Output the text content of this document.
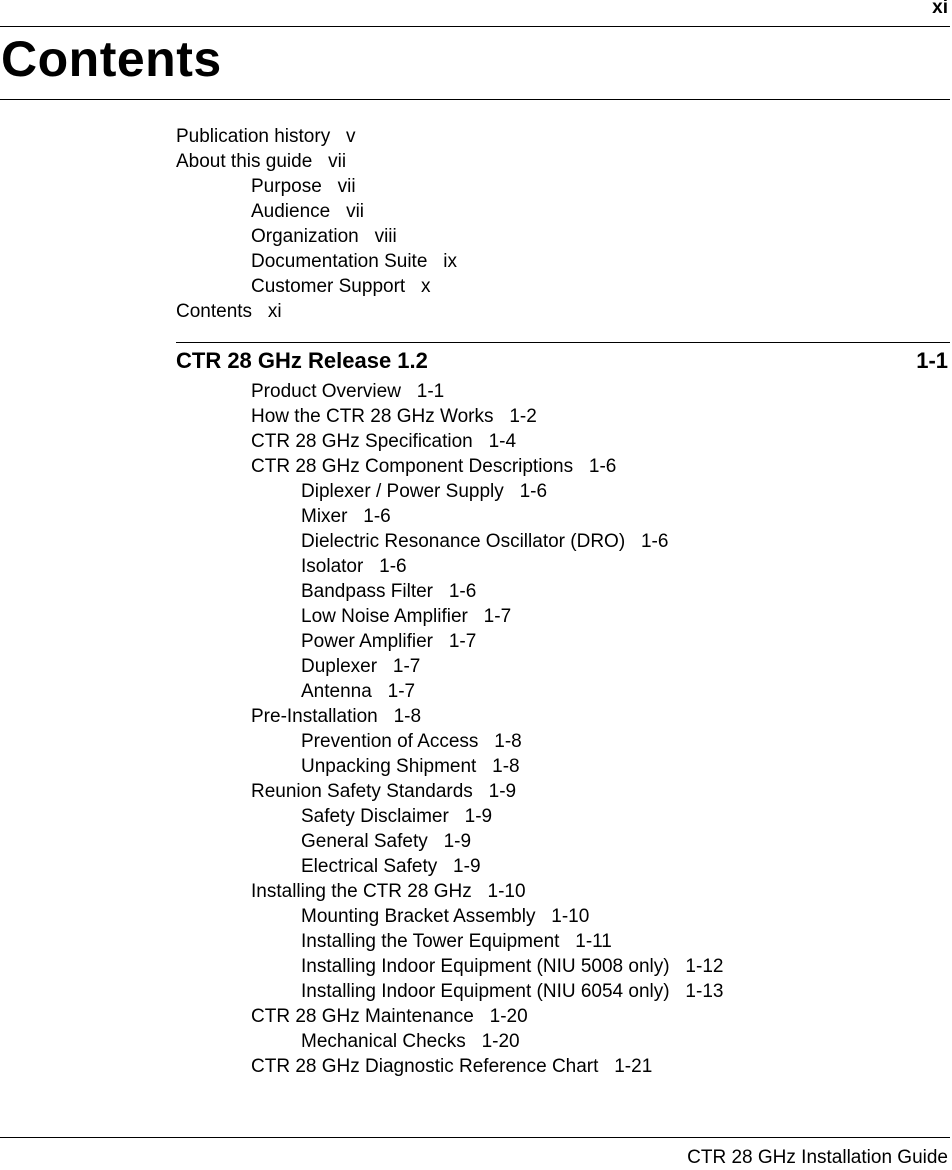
xi
Contents
Publication history   v
About this guide   vii
Purpose   vii
Audience   vii
Organization   viii
Documentation Suite   ix
Customer Support   x
Contents   xi
CTR 28 GHz Release 1.2	1-1
Product Overview   1-1
How the CTR 28 GHz Works   1-2
CTR 28 GHz Specification   1-4
CTR 28 GHz Component Descriptions   1-6
Diplexer / Power Supply   1-6
Mixer   1-6
Dielectric Resonance Oscillator (DRO)   1-6
Isolator   1-6
Bandpass Filter   1-6
Low Noise Amplifier   1-7
Power Amplifier   1-7
Duplexer   1-7
Antenna   1-7
Pre-Installation   1-8
Prevention of Access   1-8
Unpacking Shipment   1-8
Reunion Safety Standards   1-9
Safety Disclaimer   1-9
General Safety   1-9
Electrical Safety   1-9
Installing the CTR 28 GHz   1-10
Mounting Bracket Assembly   1-10
Installing the Tower Equipment   1-11
Installing Indoor Equipment (NIU 5008 only)   1-12
Installing Indoor Equipment (NIU 6054 only)   1-13
CTR 28 GHz Maintenance   1-20
Mechanical Checks   1-20
CTR 28 GHz Diagnostic Reference Chart   1-21
CTR 28 GHz Installation Guide
